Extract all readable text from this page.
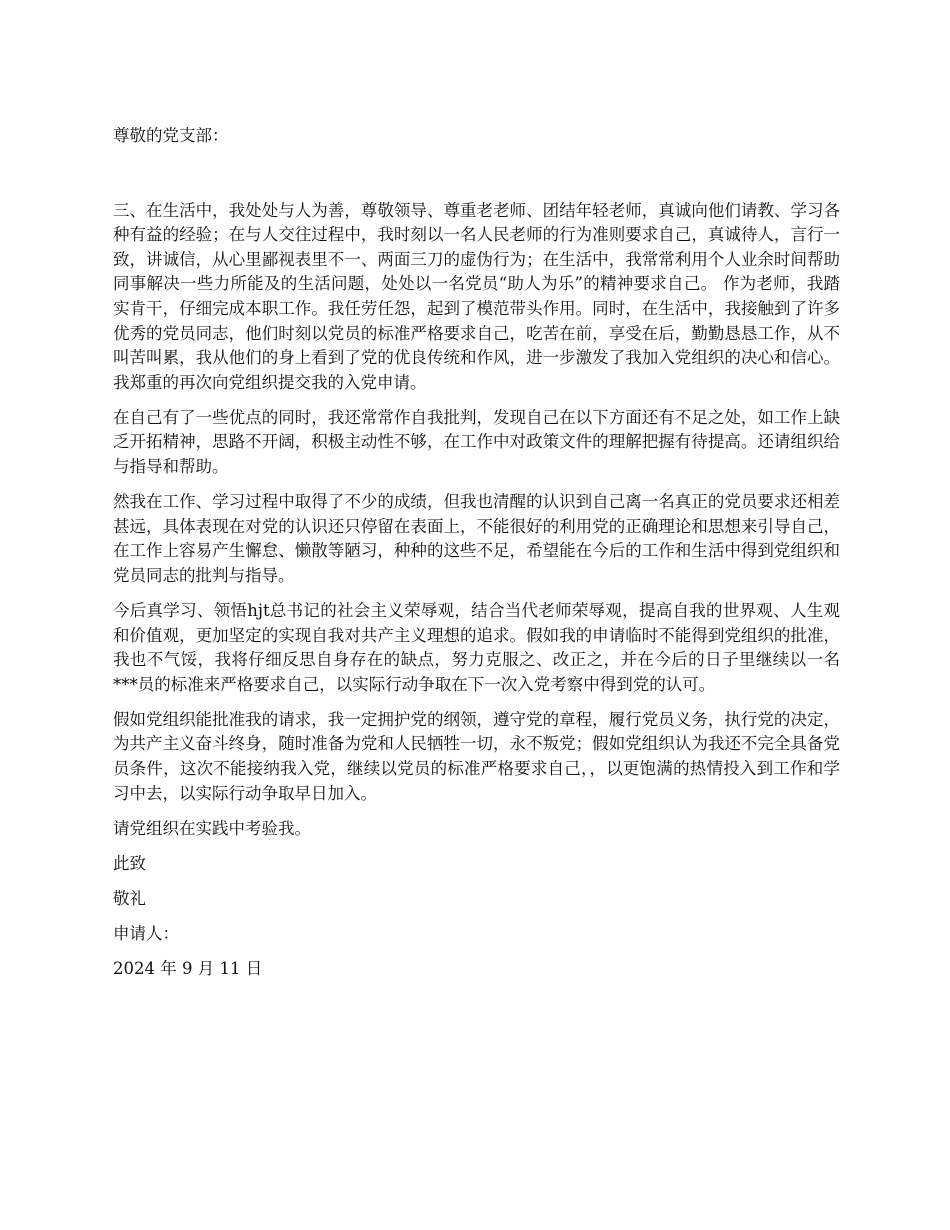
尊敬的党支部：

三、在生活中，我处处与人为善，尊敬领导、尊重老老师、团结年轻老师，真诚向他们请教、学习各种有益的经验；在与人交往过程中，我时刻以一名人民老师的行为准则要求自己，真诚待人，言行一致，讲诚信，从心里鄙视表里不一、两面三刀的虚伪行为；在生活中，我常常利用个人业余时间帮助同事解决一些力所能及的生活问题，处处以一名党员“助人为乐”的精神要求自己。 作为老师，我踏实肯干，仔细完成本职工作。我任劳任怨，起到了模范带头作用。同时，在生活中，我接触到了许多优秀的党员同志，他们时刻以党员的标准严格要求自己，吃苦在前，享受在后，勤勤恳恳工作，从不叫苦叫累，我从他们的身上看到了党的优良传统和作风，进一步激发了我加入党组织的决心和信心。我郑重的再次向党组织提交我的入党申请。

在自己有了一些优点的同时，我还常常作自我批判，发现自己在以下方面还有不足之处，如工作上缺乏开拓精神，思路不开阔，积极主动性不够，在工作中对政策文件的理解把握有待提高。还请组织给与指导和帮助。

然我在工作、学习过程中取得了不少的成绩，但我也清醒的认识到自己离一名真正的党员要求还相差甚远，具体表现在对党的认识还只停留在表面上，不能很好的利用党的正确理论和思想来引导自己，在工作上容易产生懈怠、懒散等陋习，种种的这些不足，希望能在今后的工作和生活中得到党组织和党员同志的批判与指导。

今后真学习、领悟hjt总书记的社会主义荣辱观，结合当代老师荣辱观，提高自我的世界观、人生观和价值观，更加坚定的实现自我对共产主义理想的追求。假如我的申请临时不能得到党组织的批准，我也不气馁，我将仔细反思自身存在的缺点，努力克服之、改正之，并在今后的日子里继续以一名***员的标准来严格要求自己，以实际行动争取在下一次入党考察中得到党的认可。

假如党组织能批准我的请求，我一定拥护党的纲领，遵守党的章程，履行党员义务，执行党的决定，为共产主义奋斗终身，随时准备为党和人民牺牲一切，永不叛党；假如党组织认为我还不完全具备党员条件，这次不能接纳我入党，继续以党员的标准严格要求自己，，以更饱满的热情投入到工作和学习中去，以实际行动争取早日加入。

请党组织在实践中考验我。

此致

敬礼

申请人：

2024 年 9 月 11 日
